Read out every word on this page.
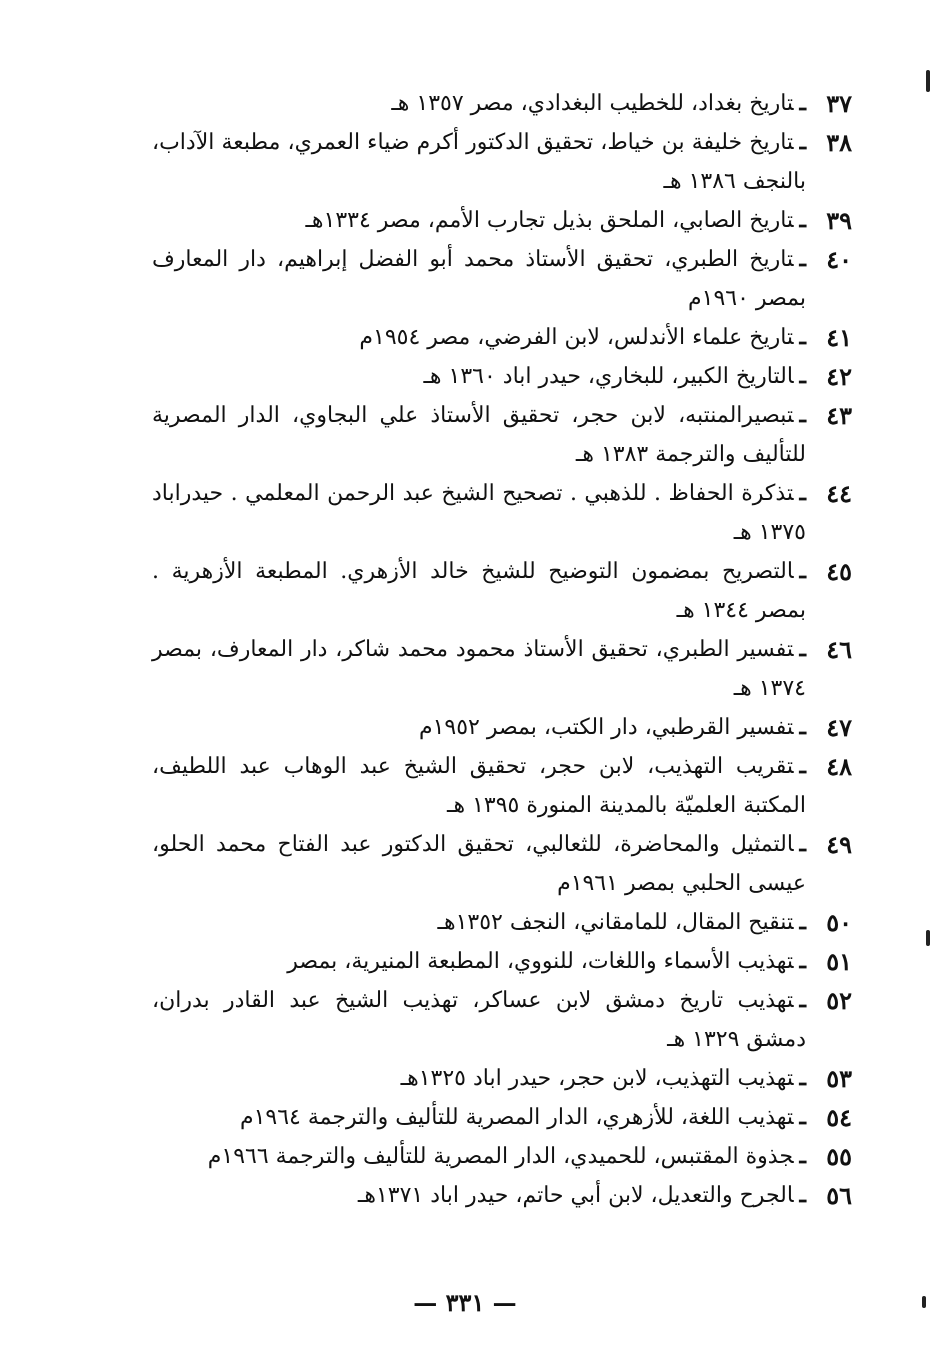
٣٧
ـتاريخ بغداد، للخطيب البغدادي، مصر ١٣٥٧ هـ
٣٨
ـتاريخ خليفة بن خياط، تحقيق الدكتور أكرم ضياء العمري، مطبعة الآداب، بالنجف ١٣٨٦ هـ
٣٩
ـتاريخ الصابي، الملحق بذيل تجارب الأمم، مصر ١٣٣٤هـ
٤٠
ـتاريخ الطبري، تحقيق الأستاذ محمد أبو الفضل إبراهيم، دار المعارف بمصر ١٩٦٠م
٤١
ـتاريخ علماء الأندلس، لابن الفرضي، مصر ١٩٥٤م
٤٢
ـالتاريخ الكبير، للبخاري، حيدر اباد ١٣٦٠ هـ
٤٣
ـتبصيرالمنتبه، لابن حجر، تحقيق الأستاذ علي البجاوي، الدار المصرية للتأليف والترجمة ١٣٨٣ هـ
٤٤
ـتذكرة الحفاظ . للذهبي . تصحيح الشيخ عبد الرحمن المعلمي . حيدراباد ١٣٧٥ هـ
٤٥
ـالتصريح بمضمون التوضيح للشيخ خالد الأزهري. المطبعة الأزهرية . بمصر ١٣٤٤ هـ
٤٦
ـتفسير الطبري، تحقيق الأستاذ محمود محمد شاكر، دار المعارف، بمصر ١٣٧٤ هـ
٤٧
ـتفسير القرطبي، دار الكتب، بمصر ١٩٥٢م
٤٨
ـتقريب التهذيب، لابن حجر، تحقيق الشيخ عبد الوهاب عبد اللطيف، المكتبة العلميّة بالمدينة المنورة ١٣٩٥ هـ
٤٩
ـالتمثيل والمحاضرة، للثعالبي، تحقيق الدكتور عبد الفتاح محمد الحلو، عيسى الحلبي بمصر ١٩٦١م
٥٠
ـتنقيح المقال، للمامقاني، النجف ١٣٥٢هـ
٥١
ـتهذيب الأسماء واللغات، للنووي، المطبعة المنيرية، بمصر
٥٢
ـتهذيب تاريخ دمشق لابن عساكر، تهذيب الشيخ عبد القادر بدران، دمشق ١٣٢٩ هـ
٥٣
ـتهذيب التهذيب، لابن حجر، حيدر اباد ١٣٢٥هـ
٥٤
ـتهذيب اللغة، للأزهري، الدار المصرية للتأليف والترجمة ١٩٦٤م
٥٥
ـجذوة المقتبس، للحميدي، الدار المصرية للتأليف والترجمة ١٩٦٦م
٥٦
ـالجرح والتعديل، لابن أبي حاتم، حيدر اباد ١٣٧١هـ
— ٣٣١ —
